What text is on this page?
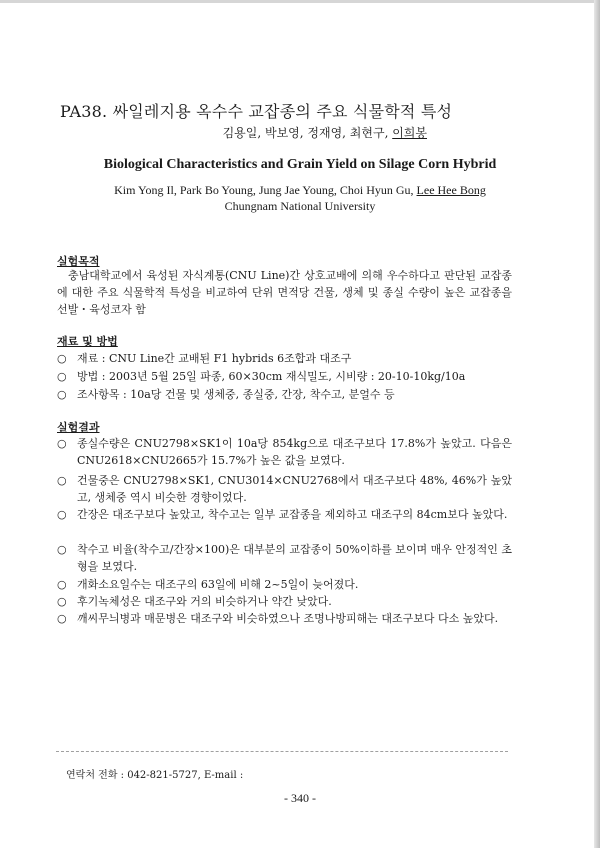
PA38. 싸일레지용 옥수수 교잡종의 주요 식물학적 특성
김용일, 박보영, 정재영, 최현구, 이희봉
Biological Characteristics and Grain Yield on Silage Corn Hybrid
Kim Yong Il, Park Bo Young, Jung Jae Young, Choi Hyun Gu, Lee Hee Bong
Chungnam National University
실험목적
충남대학교에서 육성된 자식계통(CNU Line)간 상호교배에 의해 우수하다고 판단된 교잡종에 대한 주요 식물학적 특성을 비교하여 단위 면적당 건물, 생체 및 종실 수량이 높은 교잡종을 선발・육성코자 함
재료 및 방법
○ 재료 : CNU Line간 교배된 F1 hybrids 6조합과 대조구
○ 방법 : 2003년 5월 25일 파종, 60×30cm 재식밀도, 시비량 : 20-10-10kg/10a
○ 조사항목 : 10a당 건물 및 생체중, 종실중, 간장, 착수고, 분얼수 등
실험결과
○ 종실수량은 CNU2798×SK1이 10a당 854kg으로 대조구보다 17.8%가 높았고. 다음은 CNU2618×CNU2665가 15.7%가 높은 값을 보였다.
○ 건물중은 CNU2798×SK1, CNU3014×CNU2768에서 대조구보다 48%, 46%가 높았고, 생체중 역시 비슷한 경향이었다.
○ 간장은 대조구보다 높았고, 착수고는 일부 교잡종을 제외하고 대조구의 84cm보다 높았다.
○ 착수고 비율(착수고/간장×100)은 대부분의 교잡종이 50%이하를 보이며 매우 안정적인 초형을 보였다.
○ 개화소요일수는 대조구의 63일에 비해 2~5일이 늦어졌다.
○ 후기녹체성은 대조구와 거의 비슷하거나 약간 낮았다.
○ 깨씨무늬병과 매문병은 대조구와 비슷하였으나 조명나방피해는 대조구보다 다소 높았다.
연락처 전화 : 042-821-5727, E-mail :
- 340 -
